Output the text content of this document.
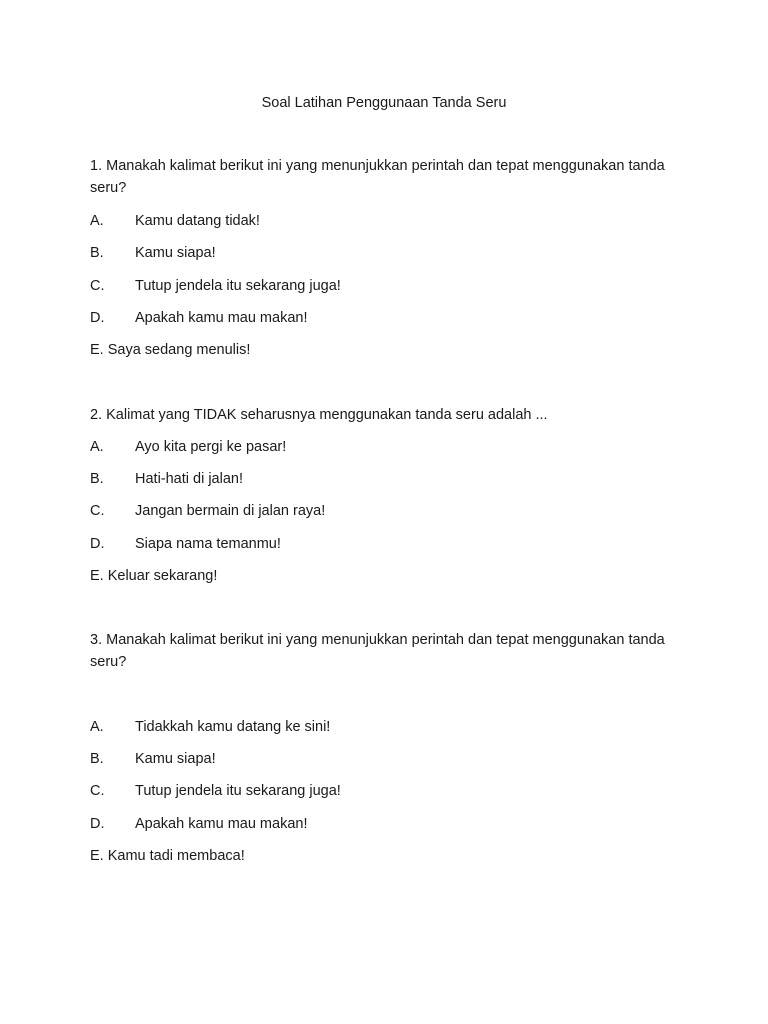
Soal Latihan Penggunaan Tanda Seru
1. Manakah kalimat berikut ini yang menunjukkan perintah dan tepat menggunakan tanda seru?
A. Kamu datang tidak!
B. Kamu siapa!
C. Tutup jendela itu sekarang juga!
D. Apakah kamu mau makan!
E. Saya sedang menulis!
2. Kalimat yang TIDAK seharusnya menggunakan tanda seru adalah ...
A. Ayo kita pergi ke pasar!
B. Hati-hati di jalan!
C. Jangan bermain di jalan raya!
D. Siapa nama temanmu!
E. Keluar sekarang!
3. Manakah kalimat berikut ini yang menunjukkan perintah dan tepat menggunakan tanda seru?
A. Tidakkah kamu datang ke sini!
B. Kamu siapa!
C. Tutup jendela itu sekarang juga!
D. Apakah kamu mau makan!
E. Kamu tadi membaca!
